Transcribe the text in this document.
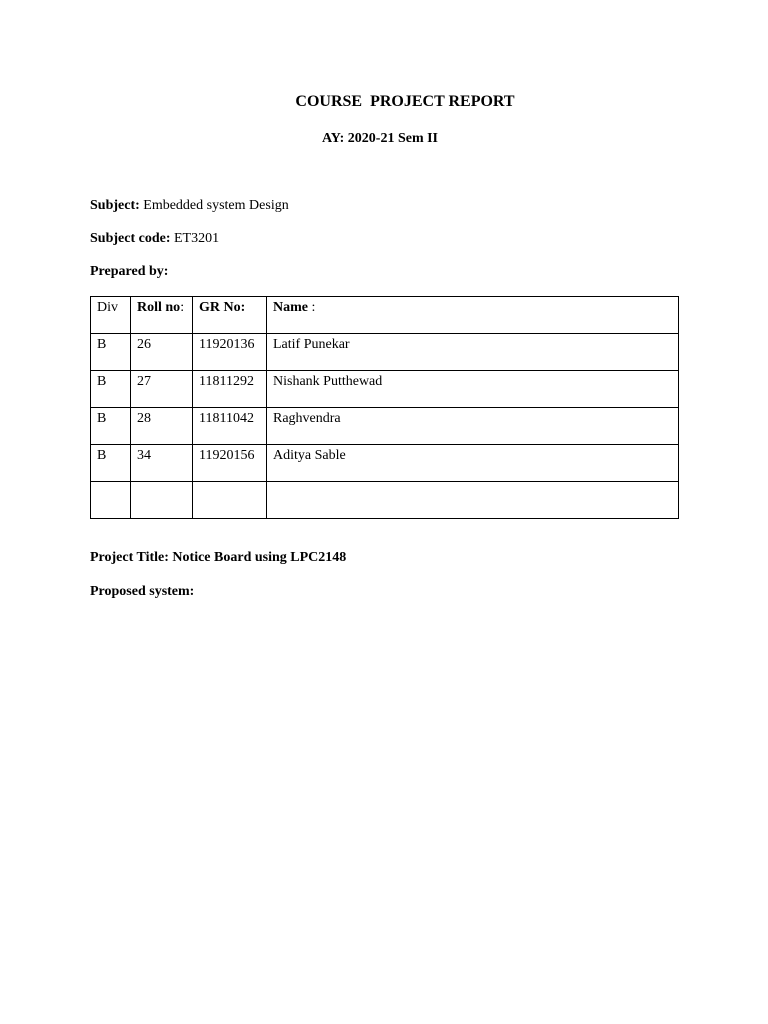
COURSE  PROJECT REPORT
AY: 2020-21 Sem II
Subject: Embedded system Design
Subject code: ET3201
Prepared by:
Div	Roll no:	GR No:	Name :
B	26	11920136	Latif Punekar
B	27	11811292	Nishank Putthewad
B	28	11811042	Raghvendra
B	34	11920156	Aditya Sable

Project Title: Notice Board using LPC2148
Proposed system:
